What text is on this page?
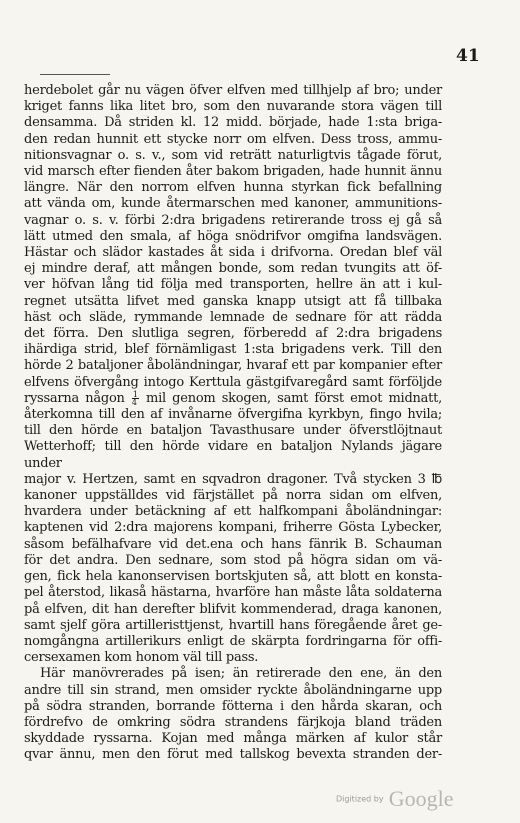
41

herdebolet går nu vägen öfver elfven med tillhjelp af bro; under

kriget fanns lika litet bro, som den nuvarande stora vägen till

densamma. Då striden kl. 12 midd. började, hade 1:sta briga-

den redan hunnit ett stycke norr om elfven. Dess tross, ammu-

nitionsvagnar o. s. v., som vid reträtt naturligtvis tågade förut,

vid marsch efter fienden åter bakom brigaden, hade hunnit ännu

längre. När den norrom elfven hunna styrkan fick befallning

att vända om, kunde återmarschen med kanoner, ammunitions-

vagnar o. s. v. förbi 2:dra brigadens retirerande tross ej gå så

lätt utmed den smala, af höga snödrifvor omgifna landsvägen.

Hästar och slädor kastades åt sida i drifvorna. Oredan blef väl

ej mindre deraf, att mången bonde, som redan tvungits att öf-

ver höfvan lång tid följa med transporten, hellre än att i kul-

regnet utsätta lifvet med ganska knapp utsigt att få tillbaka

häst och släde, rymmande lemnade de sednare för att rädda

det förra. Den slutliga segren, förberedd af 2:dra brigadens

ihärdiga strid, blef förnämligast 1:sta brigadens verk. Till den

hörde 2 bataljoner åboländningar, hvaraf ett par kompanier efter

elfvens öfvergång intogo Kerttula gästgifvaregård samt förföljde

ryssarna någon $\frac{1}{4}$ mil genom skogen, samt först emot midnatt,

återkomna till den af invånarne öfvergifna kyrkbyn, fingo hvila;

till den hörde en bataljon Tavasthusare under öfverstlöjtnaut

Wetterhoff; till den hörde vidare en bataljon Nylands jägare under

major v. Hertzen, samt en sqvadron dragoner. Två stycken 3 ℔

kanoner uppställdes vid färjstället på norra sidan om elfven,

hvardera under betäckning af ett halfkompani åboländningar:

kaptenen vid 2:dra majorens kompani, friherre Gösta Lybecker,

såsom befälhafvare vid det.ena och hans fänrik B. Schauman

för det andra. Den sednare, som stod på högra sidan om vä-

gen, fick hela kanonservisen bortskjuten så, att blott en konsta-

pel återstod, likaså hästarna, hvarföre han måste låta soldaterna

på elfven, dit han derefter blifvit kommenderad, draga kanonen,

samt sjelf göra artilleristtjenst, hvartill hans föregående året ge-

nomgångna artillerikurs enligt de skärpta fordringarna för offi-

cersexamen kom honom väl till pass.

Här manövrerades på isen; än retirerade den ene, än den

andre till sin strand, men omsider ryckte åboländningarne upp

på södra stranden, borrande fötterna i den hårda skaran, och

fördrefvo de omkring södra strandens färjkoja bland träden

skyddade ryssarna. Kojan med många märken af kulor står

qvar ännu, men den förut med tallskog bevexta stranden der-

Digitized by Google
